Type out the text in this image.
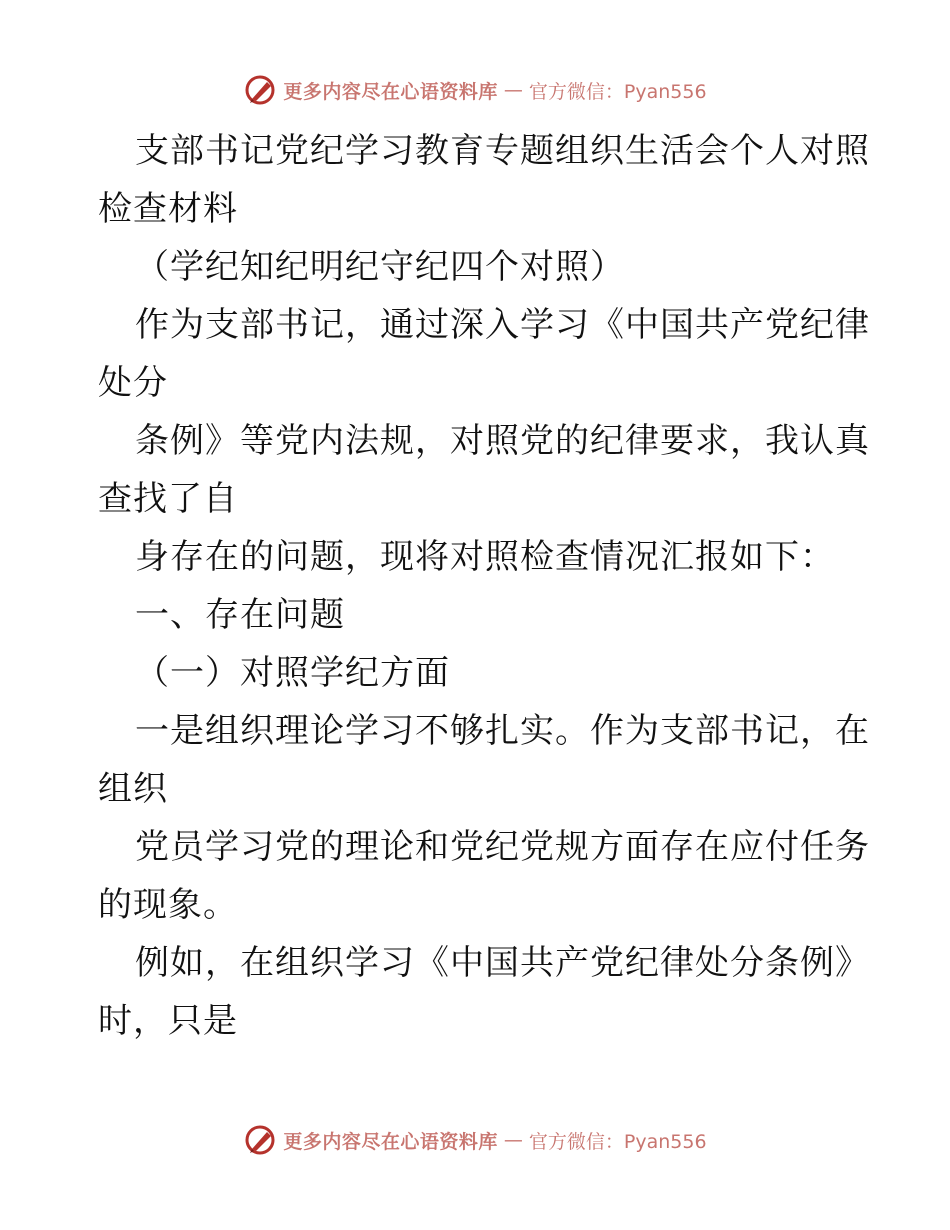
更多内容尽在心语资料库 — 官方微信：Pyan556
支部书记党纪学习教育专题组织生活会个人对照
检查材料
（学纪知纪明纪守纪四个对照）
作为支部书记，通过深入学习《中国共产党纪律
处分
条例》等党内法规，对照党的纪律要求，我认真
查找了自
身存在的问题，现将对照检查情况汇报如下：
一、存在问题
（一）对照学纪方面
一是组织理论学习不够扎实。作为支部书记，在
组织
党员学习党的理论和党纪党规方面存在应付任务
的现象。
例如，在组织学习《中国共产党纪律处分条例》
时，只是
更多内容尽在心语资料库 — 官方微信：Pyan556
